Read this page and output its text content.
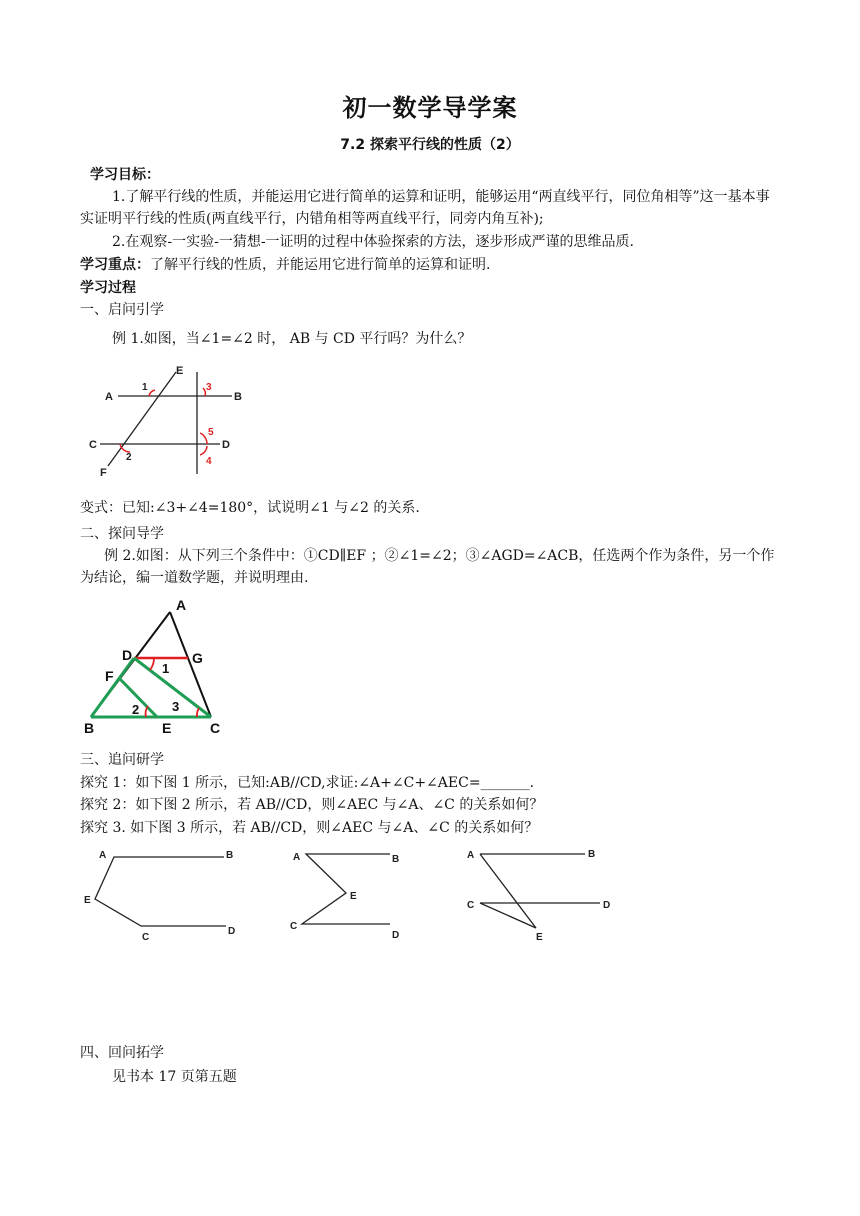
初一数学导学案
7.2 探索平行线的性质（2）
学习目标：
1.了解平行线的性质，并能运用它进行简单的运算和证明，能够运用“两直线平行，同位角相等”这一基本事实证明平行线的性质(两直线平行，内错角相等两直线平行，同旁内角互补);
2.在观察-一实验-一猜想-一证明的过程中体验探索的方法，逐步形成严谨的思维品质.
学习重点：了解平行线的性质，并能运用它进行简单的运算和证明.
学习过程
一、启问引学
例 1.如图，当∠1=∠2 时， AB 与 CD 平行吗？为什么？
E
A	B
C	D
F
1
2
3
4
5
变式：已知:∠3+∠4=180°，试说明∠1 与∠2 的关系.
二、探问导学
例 2.如图：从下列三个条件中：①CD∥EF ；②∠1=∠2；③∠AGD=∠ACB，任选两个作为条件，另一个作为结论，编一道数学题，并说明理由.
A
D	G
F
B	E	C
1
2	3
三、追问研学
探究 1：如下图 1 所示，已知:AB//CD,求证:∠A+∠C+∠AEC=_______.
探究 2：如下图 2 所示，若 AB//CD，则∠AEC 与∠A、∠C 的关系如何？
探究 3. 如下图 3 所示，若 AB//CD，则∠AEC 与∠A、∠C 的关系如何？
A	B
E
C
D
A	B
E
C
D
A	B
C	D
E
四、回问拓学
见书本 17 页第五题
